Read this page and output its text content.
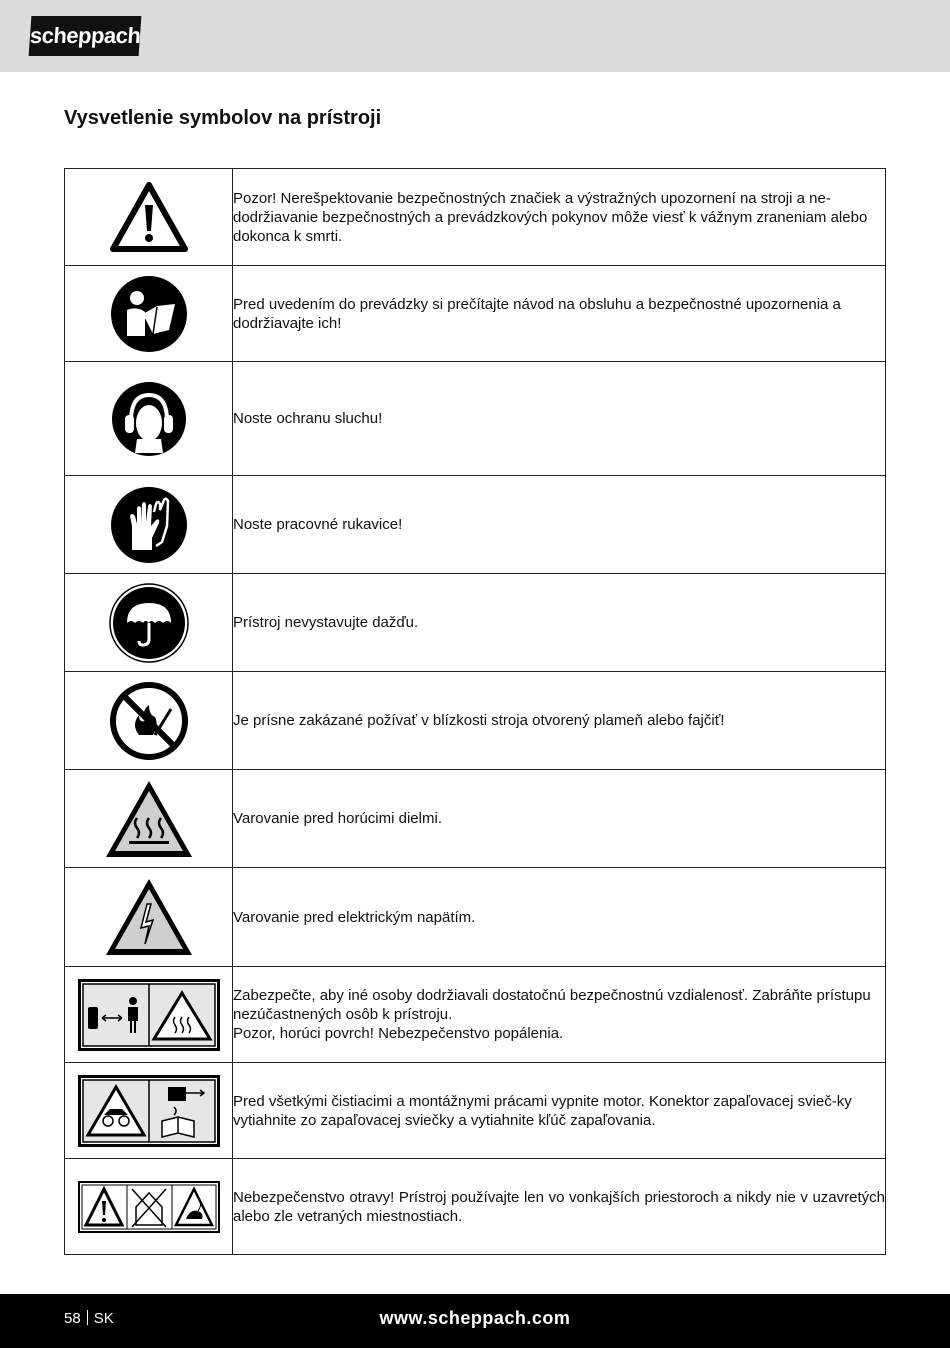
scheppach
Vysvetlenie symbolov na prístroji

Pozor! Nerešpektovanie bezpečnostných značiek a výstražných upozornení na stroji a ne-dodržiavanie bezpečnostných a prevádzkových pokynov môže viesť k vážnym zraneniam alebo dokonca k smrti.

Pred uvedením do prevádzky si prečítajte návod na obsluhu a bezpečnostné upozornenia a dodržiavajte ich!

Noste ochranu sluchu!

Noste pracovné rukavice!

Prístroj nevystavujte dažďu.

Je prísne zakázané požívať v blízkosti stroja otvorený plameň alebo fajčiť!

Varovanie pred horúcimi dielmi.

Varovanie pred elektrickým napätím.

Zabezpečte, aby iné osoby dodržiavali dostatočnú bezpečnostnú vzdialenosť. Zabráňte prístupu nezúčastnených osôb k prístroju.
Pozor, horúci povrch! Nebezpečenstvo popálenia.

Pred všetkými čistiacimi a montážnymi prácami vypnite motor. Konektor zapaľovacej svieč-ky vytiahnite zo zapaľovacej sviečky a vytiahnite kľúč zapaľovania.

Nebezpečenstvo otravy! Prístroj používajte len vo vonkajších priestoroch a nikdy nie v uzavretých alebo zle vetraných miestnostiach.
58 SK	www.scheppach.com
